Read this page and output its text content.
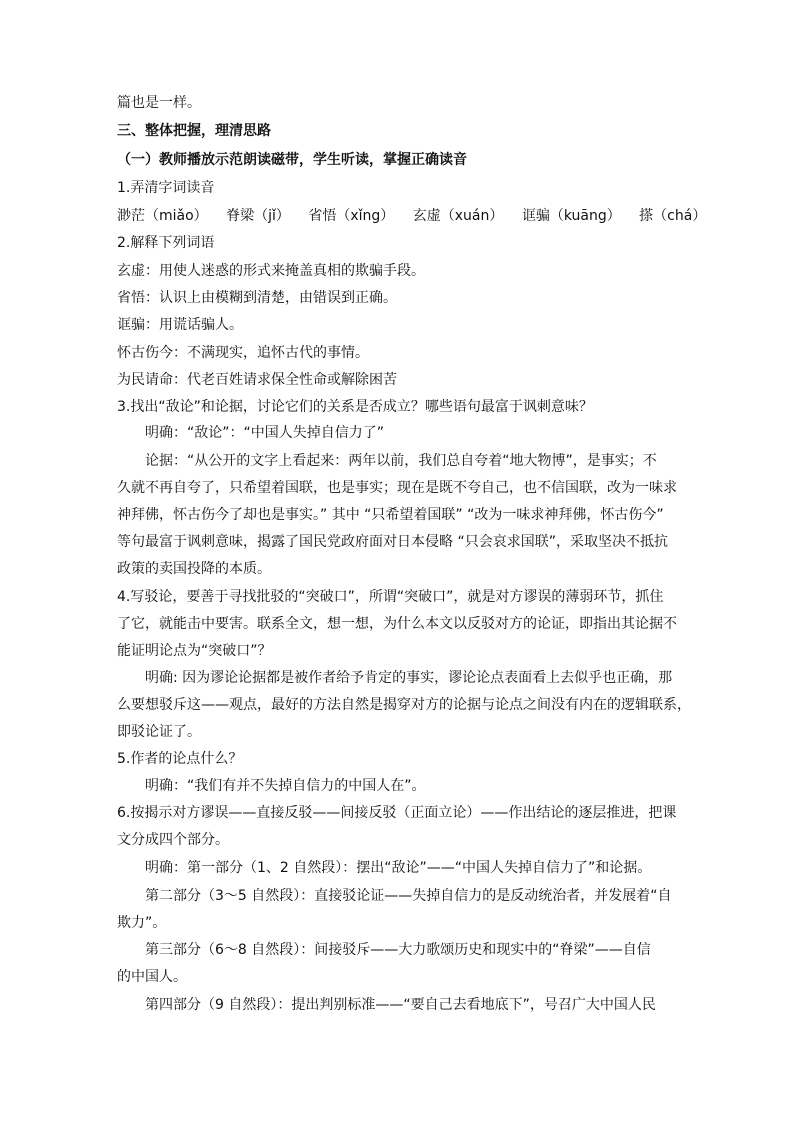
篇也是一样。
三、整体把握，理清思路
（一）教师播放示范朗读磁带，学生听读，掌握正确读音
1.弄清字词读音
渺茫（miǎo） 脊梁（jǐ） 省悟（xǐng） 玄虚（xuán） 诓骗（kuāng） 搽（chá）
2.解释下列词语
玄虚：用使人迷惑的形式来掩盖真相的欺骗手段。
省悟：认识上由模糊到清楚，由错误到正确。
诓骗：用谎话骗人。
怀古伤今：不满现实，追怀古代的事情。
为民请命：代老百姓请求保全性命或解除困苦
3.找出“敌论”和论据，讨论它们的关系是否成立？哪些语句最富于讽刺意味？
明确：“敌论”：“中国人失掉自信力了”
论据：“从公开的文字上看起来：两年以前，我们总自夸着“地大物博”，是事实；不
久就不再自夸了，只希望着国联，也是事实；现在是既不夸自己，也不信国联，改为一味求
神拜佛，怀古伤今了却也是事实。” 其中 “只希望着国联” “改为一味求神拜佛，怀古伤今”
等句最富于讽刺意味，揭露了国民党政府面对日本侵略 “只会哀求国联”，采取坚决不抵抗
政策的卖国投降的本质。
4.写驳论，要善于寻找批驳的“突破口”，所谓“突破口”，就是对方谬误的薄弱环节，抓住
了它，就能击中要害。联系全文，想一想，为什么本文以反驳对方的论证，即指出其论据不
能证明论点为“突破口”？
明确: 因为谬论论据都是被作者给予肯定的事实，谬论论点表面看上去似乎也正确，那
么要想驳斥这——观点，最好的方法自然是揭穿对方的论据与论点之间没有内在的逻辑联系，
即驳论证了。
5.作者的论点什么？
明确：“我们有并不失掉自信力的中国人在”。
6.按揭示对方谬误——直接反驳——间接反驳（正面立论）——作出结论的逐层推进，把课
文分成四个部分。
明确：第一部分（1、2 自然段）：摆出“敌论”——“中国人失掉自信力了”和论据。
第二部分（3～5 自然段）：直接驳论证——失掉自信力的是反动统治者，并发展着“自
欺力”。
第三部分（6～8 自然段）：间接驳斥——大力歌颂历史和现实中的“脊梁”——自信
的中国人。
第四部分（9 自然段）：提出判别标准——“要自己去看地底下”，号召广大中国人民
